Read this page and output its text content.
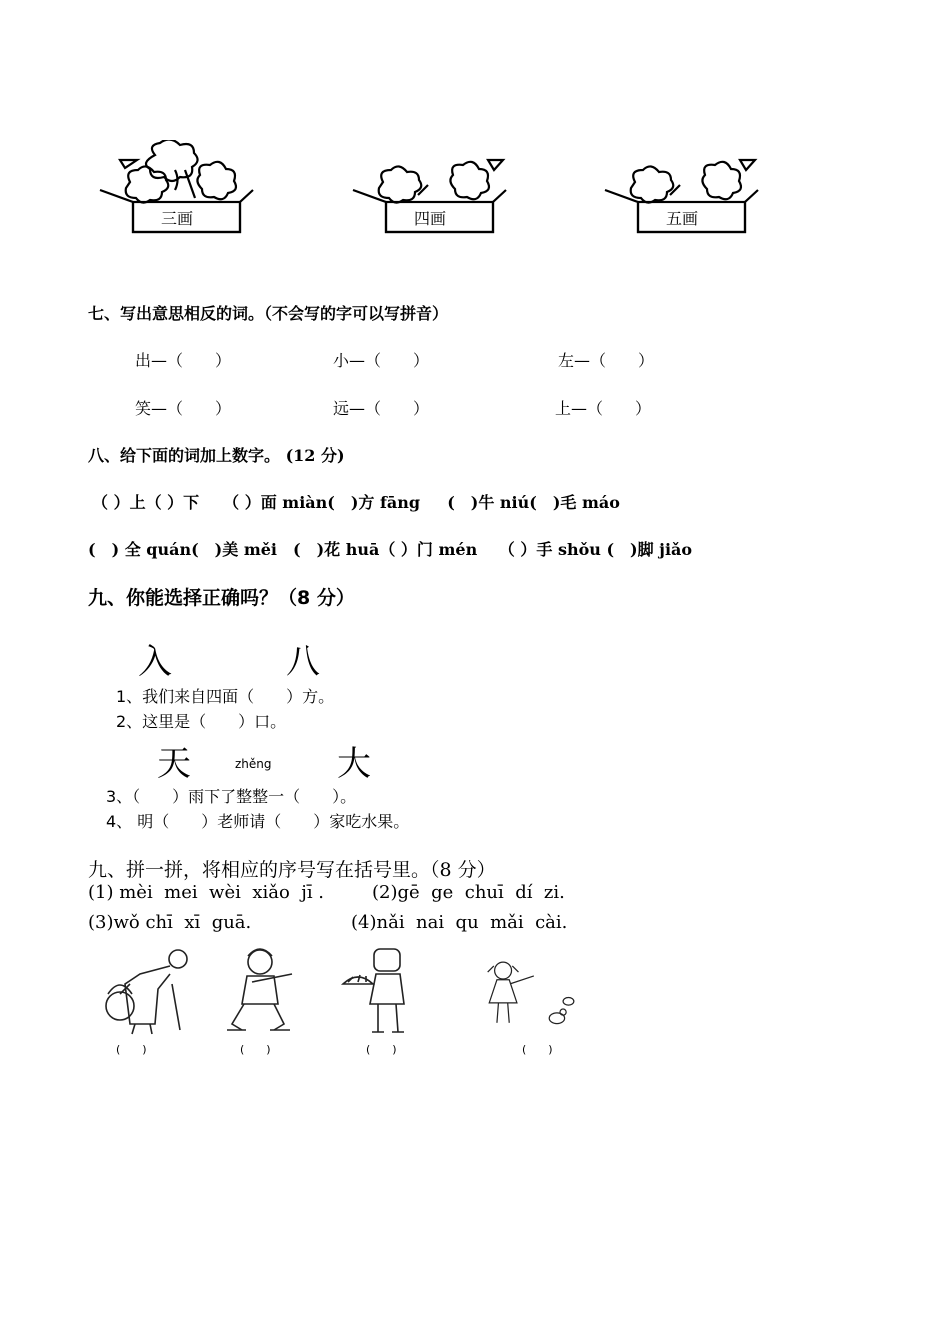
三画	四画	五画
七、写出意思相反的词。（不会写的字可以写拼音）
出—（　　）	小—（　　）	左—（　　）
笑—（　　）	远—（　　）	上—（　　）
八、给下面的词加上数字。 (12 分)
（ ）上（ ）下　　（ ）面 miàn(　)方 fāng　  (　)牛 niú(　)毛 máo
(　) 全 quán(　)美 měi　(　)花 huā（ ）门 mén　 （ ）手 shǒu (　)脚 jiǎo
九、你能选择正确吗？（8 分）
入	八
1、我们来自四面（　　）方。
2、这里是（　　）口。
天	zhěng 大
3、（　　）雨下了整整一（　　）。
4、 明（　　）老师请（　　）家吃水果。
九、拼一拼，将相应的序号写在括号里。（8 分）
(1) mèi  mei  wèi  xiǎo  jī .	(2)gē  ge  chuī  dí  zi.
(3)wǒ chī  xī  guā.	(4)nǎi  nai  qu  mǎi  cài.
(　　)	(　　)	(　　)	(　　)
